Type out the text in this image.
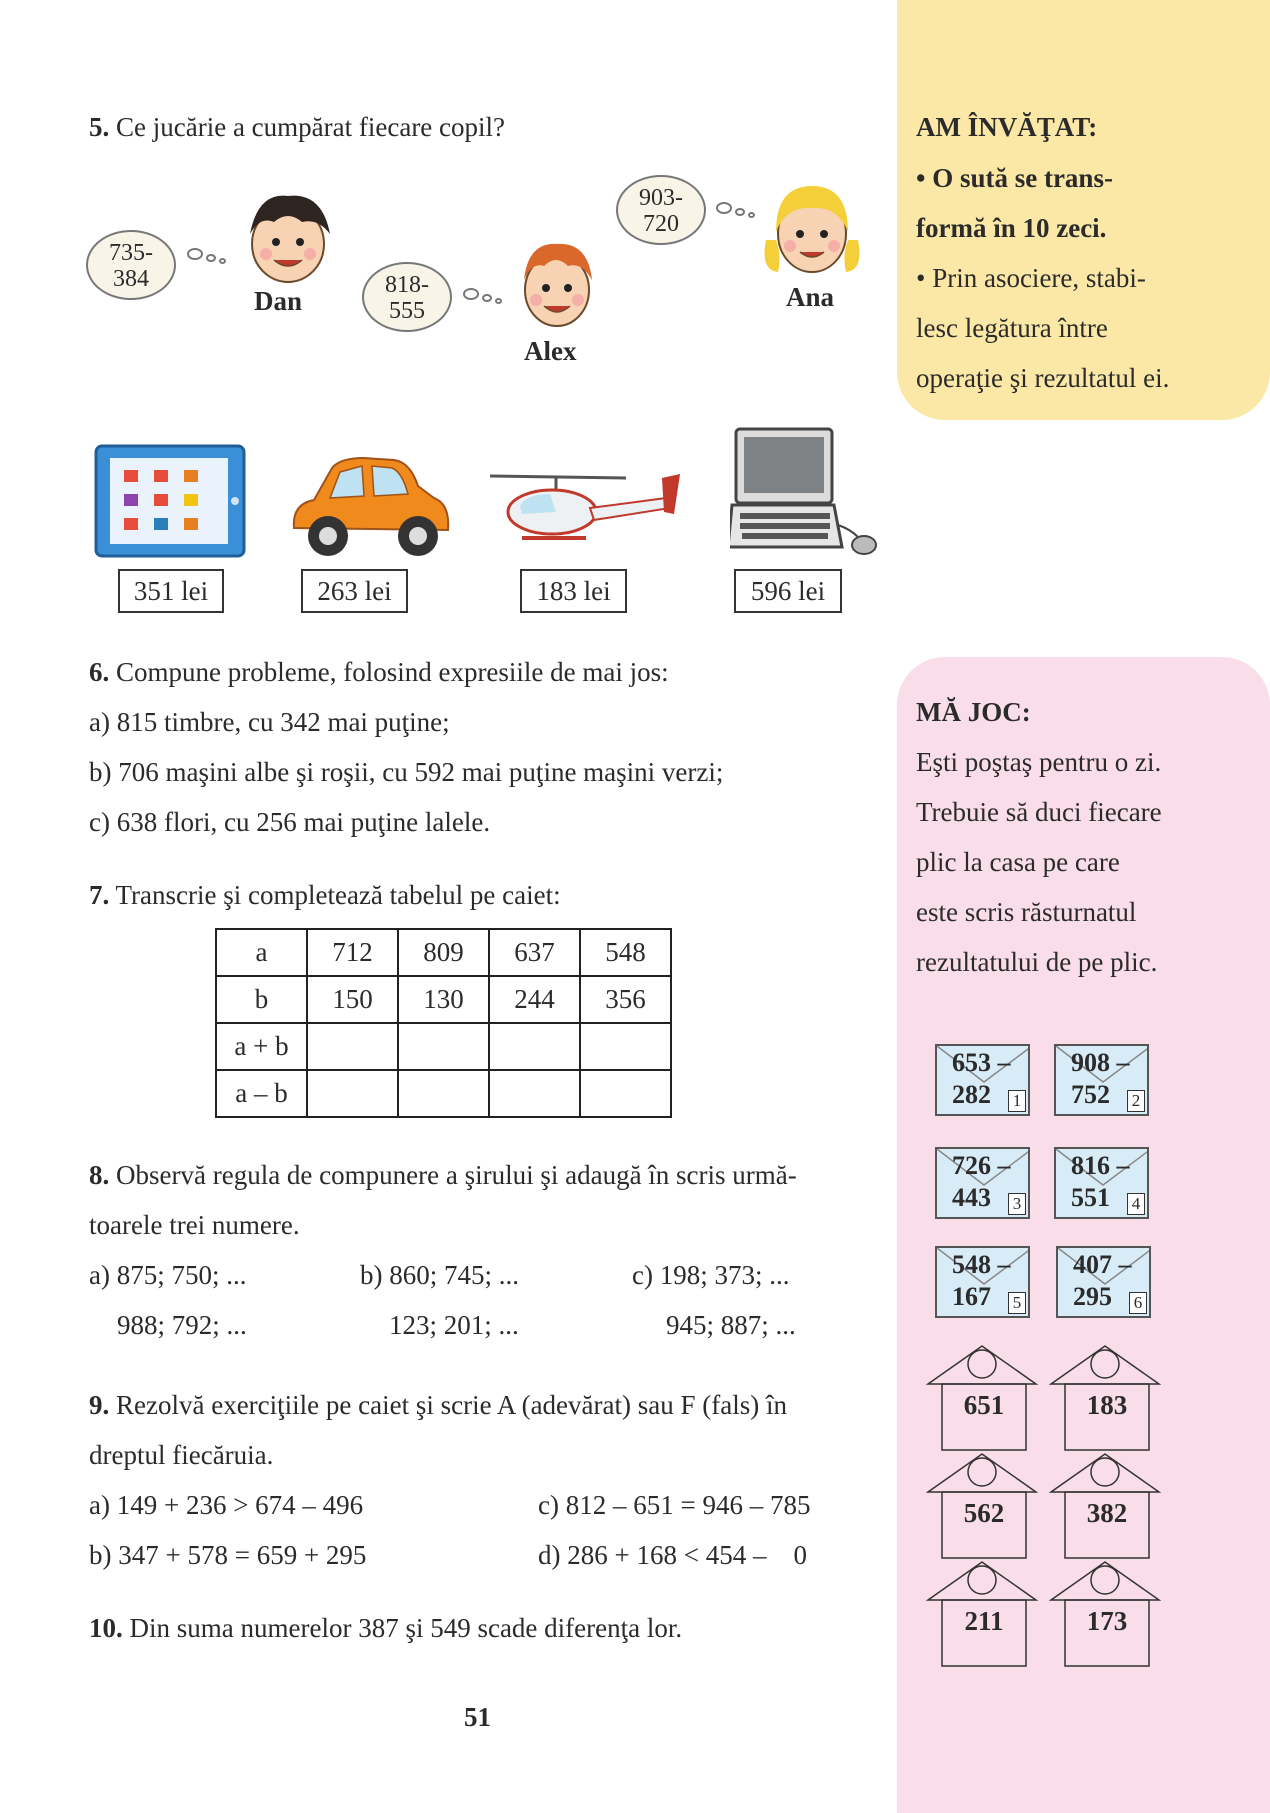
AM ÎNVĂŢAT:
• O sută se trans-
formă în 10 zeci.
• Prin asociere, stabi-
lesc legătura între
operaţie şi rezultatul ei.
MĂ JOC:
Eşti poştaş pentru o zi.
Trebuie să duci fiecare
plic la casa pe care
este scris răsturnatul
rezultatului de pe plic.
653 –
282	1
908 –
752	2
726 –
443	3
816 –
551	4
548 –
167	5
407 –
295	6
651	183
562	382
211	173
5. Ce jucărie a cumpărat fiecare copil?
735-
384
Dan
818-
555
Alex
903-
720
Ana
351 lei	263 lei	183 lei	596 lei
6. Compune probleme, folosind expresiile de mai jos:
a) 815 timbre, cu 342 mai puţine;
b) 706 maşini albe şi roşii, cu 592 mai puţine maşini verzi;
c) 638 flori, cu 256 mai puţine lalele.
7. Transcrie şi completează tabelul pe caiet:
a	712	809	637	548
b	150	130	244	356
a + b				
a – b				
8. Observă regula de compunere a şirului şi adaugă în scris urmă-
toarele trei numere.
a) 875; 750; ...
988; 792; ...
b) 860; 745; ...
123; 201; ...
c) 198; 373; ...
945; 887; ...
9. Rezolvă exerciţiile pe caiet şi scrie A (adevărat) sau F (fals) în
dreptul fiecăruia.
a) 149 + 236 > 674 – 496
b) 347 + 578 = 659 + 295
c) 812 – 651 = 946 – 785
d) 286 + 168 < 454 –    0
10. Din suma numerelor 387 şi 549 scade diferenţa lor.
51
